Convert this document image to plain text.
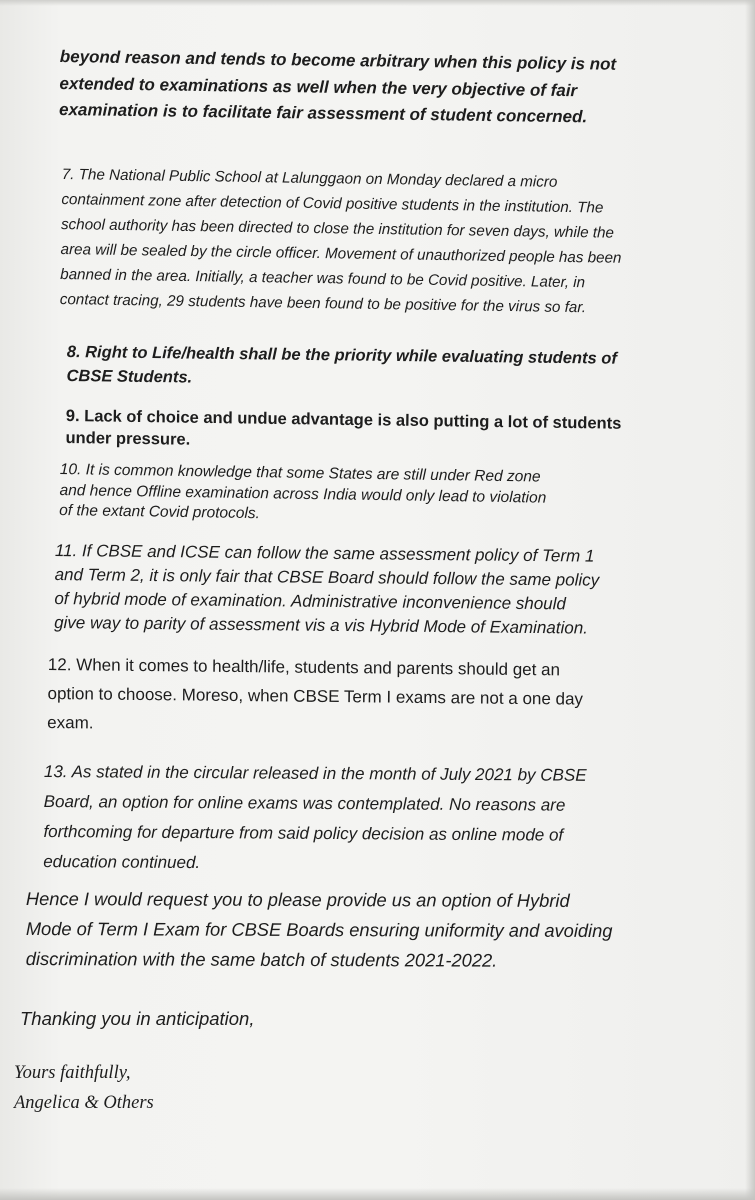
beyond reason and tends to become arbitrary when this policy is not
extended to examinations as well when the very objective of fair
examination is to facilitate fair assessment of student concerned.

7. The National Public School at Lalunggaon on Monday declared a micro
containment zone after detection of Covid positive students in the institution. The
school authority has been directed to close the institution for seven days, while the
area will be sealed by the circle officer. Movement of unauthorized people has been
banned in the area. Initially, a teacher was found to be Covid positive. Later, in
contact tracing, 29 students have been found to be positive for the virus so far.

8. Right to Life/health shall be the priority while evaluating students of
CBSE Students.

9. Lack of choice and undue advantage is also putting a lot of students
under pressure.

10. It is common knowledge that some States are still under Red zone
and hence Offline examination across India would only lead to violation
of the extant Covid protocols.

11. If CBSE and ICSE can follow the same assessment policy of Term 1
and Term 2, it is only fair that CBSE Board should follow the same policy
of hybrid mode of examination. Administrative inconvenience should
give way to parity of assessment vis a vis Hybrid Mode of Examination.

12. When it comes to health/life, students and parents should get an
option to choose. Moreso, when CBSE Term I exams are not a one day
exam.

13. As stated in the circular released in the month of July 2021 by CBSE
Board, an option for online exams was contemplated. No reasons are
forthcoming for departure from said policy decision as online mode of
education continued.

Hence I would request you to please provide us an option of Hybrid
Mode of Term I Exam for CBSE Boards ensuring uniformity and avoiding
discrimination with the same batch of students 2021-2022.

Thanking you in anticipation,

Yours faithfully,
Angelica & Others
